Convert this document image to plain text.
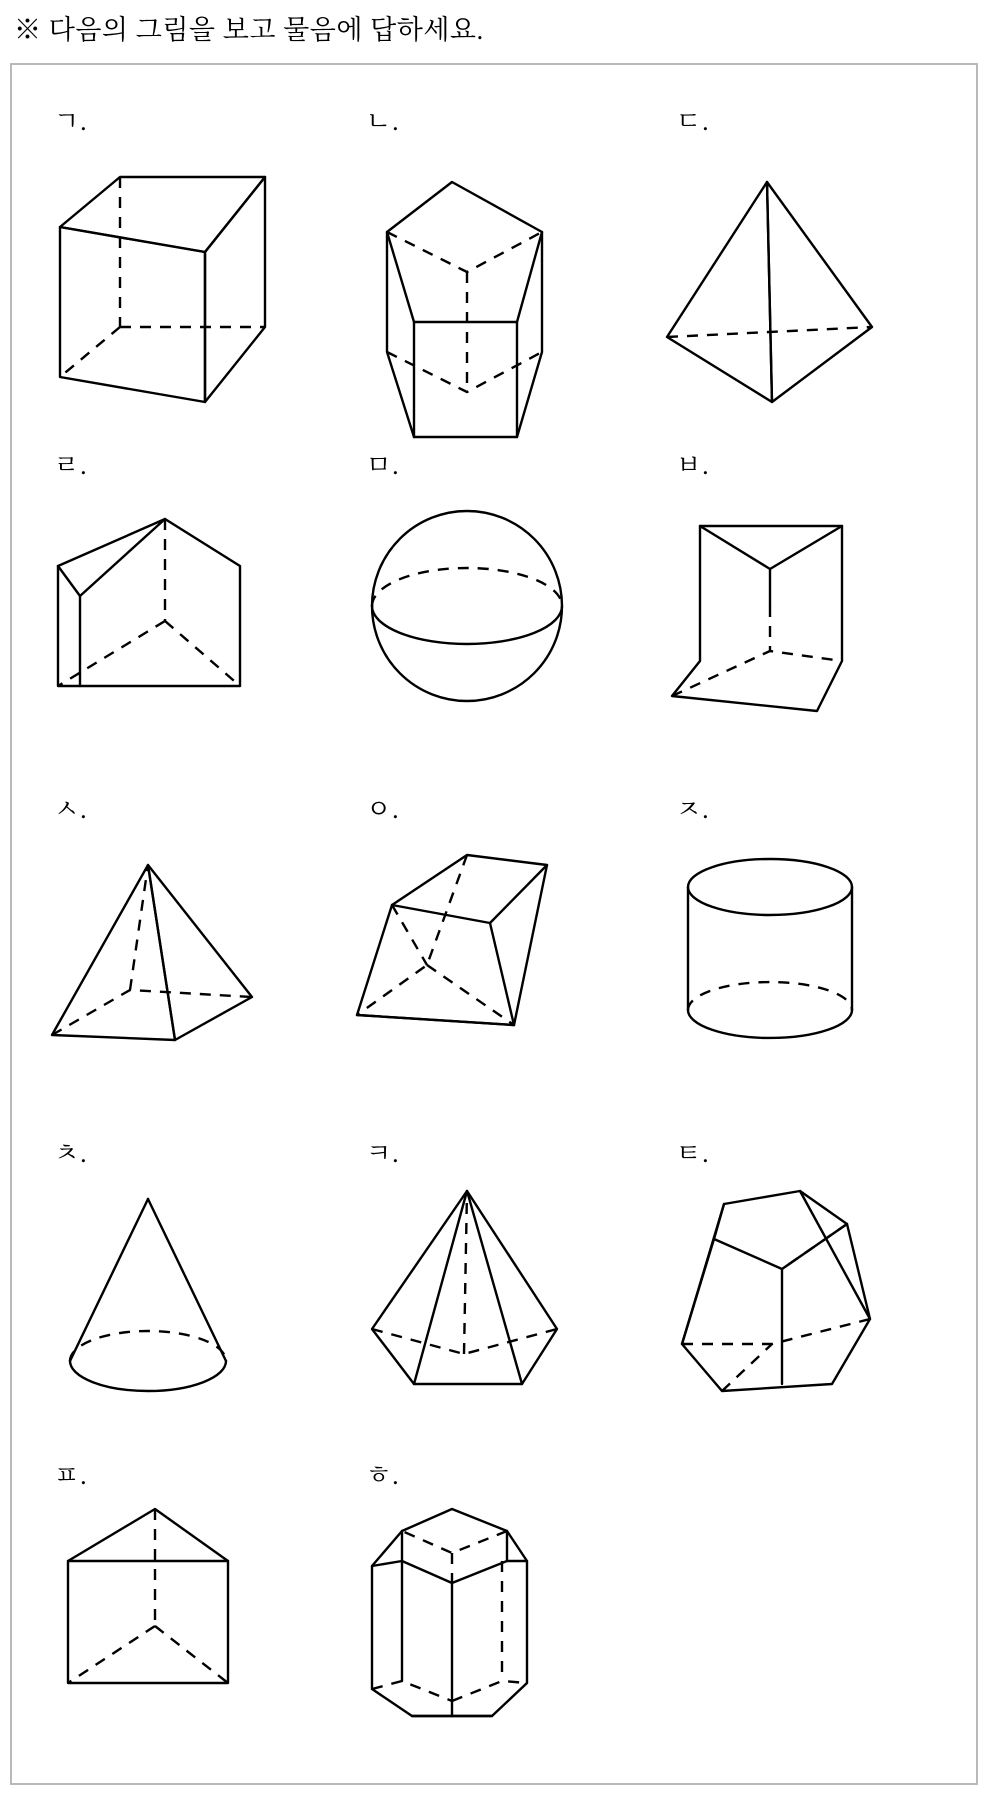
※ 다음의 그림을 보고 물음에 답하세요.
ㄱ.	ㄴ.	ㄷ.
ㄹ.	ㅁ.	ㅂ.
ㅅ.	ㅇ.	ㅈ.
ㅊ.	ㅋ.	ㅌ.
ㅍ.	ㅎ.
